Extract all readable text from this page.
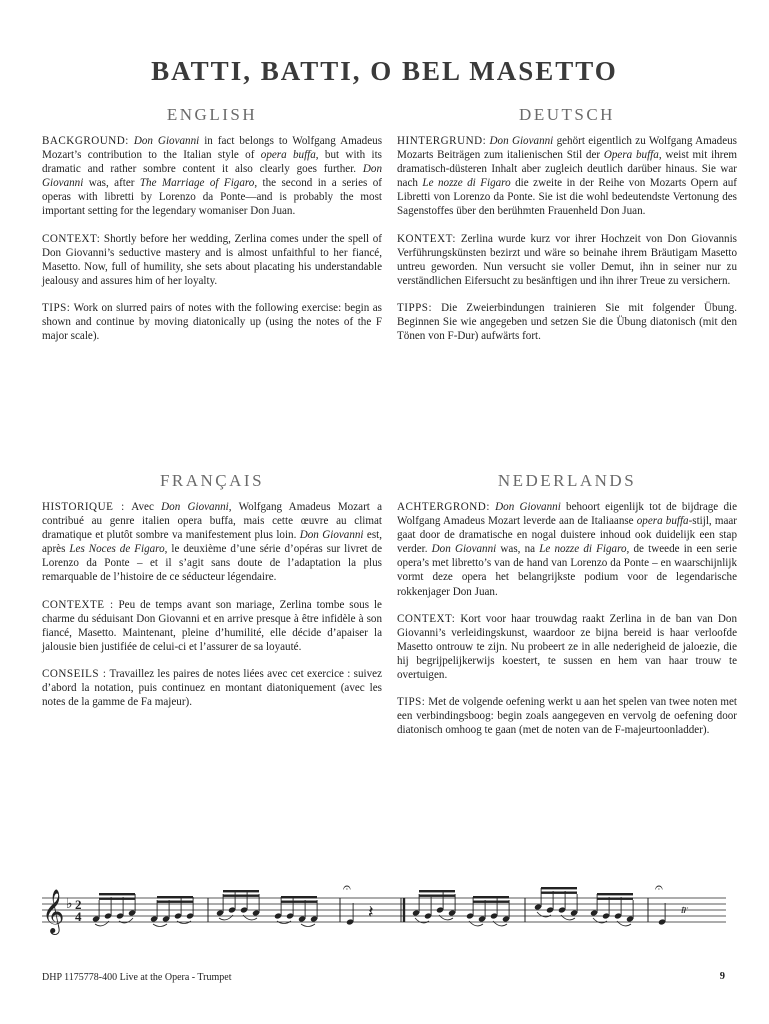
BATTI, BATTI, O BEL MASETTO
ENGLISH

BACKGROUND: Don Giovanni in fact belongs to Wolfgang Amadeus Mozart’s contribution to the Italian style of opera buffa, but with its dramatic and rather sombre content it also clearly goes further. Don Giovanni was, after The Marriage of Figaro, the second in a series of operas with libretti by Lorenzo da Ponte—and is probably the most important setting for the legendary womaniser Don Juan.

CONTEXT: Shortly before her wedding, Zerlina comes under the spell of Don Giovanni’s seductive mastery and is almost unfaithful to her fiancé, Masetto. Now, full of humility, she sets about placating his understandable jealousy and assures him of her loyalty.

TIPS: Work on slurred pairs of notes with the following exercise: begin as shown and continue by moving diatonically up (using the notes of the F major scale).

DEUTSCH

HINTERGRUND: Don Giovanni gehört eigentlich zu Wolfgang Amadeus Mozarts Beiträgen zum italienischen Stil der Opera buffa, weist mit ihrem dramatisch-düsteren Inhalt aber zugleich deutlich darüber hinaus. Sie war nach Le nozze di Figaro die zweite in der Reihe von Mozarts Opern auf Libretti von Lorenzo da Ponte. Sie ist die wohl bedeutendste Vertonung des Sagenstoffes über den berühmten Frauenheld Don Juan.

KONTEXT: Zerlina wurde kurz vor ihrer Hochzeit von Don Giovannis Verführungskünsten bezirzt und wäre so beinahe ihrem Bräutigam Masetto untreu geworden. Nun versucht sie voller Demut, ihn in seiner nur zu verständlichen Eifersucht zu besänftigen und ihn ihrer Treue zu versichern.

TIPPS: Die Zweierbindungen trainieren Sie mit folgender Übung. Beginnen Sie wie angegeben und setzen Sie die Übung diatonisch (mit den Tönen von F-Dur) aufwärts fort.

FRANÇAIS

HISTORIQUE : Avec Don Giovanni, Wolfgang Amadeus Mozart a contribué au genre italien opera buffa, mais cette œuvre au climat dramatique et plutôt sombre va manifestement plus loin. Don Giovanni est, après Les Noces de Figaro, le deuxième d’une série d’opéras sur livret de Lorenzo da Ponte – et il s’agit sans doute de l’adaptation la plus remarquable de l’histoire de ce séducteur légendaire.

CONTEXTE : Peu de temps avant son mariage, Zerlina tombe sous le charme du séduisant Don Giovanni et en arrive presque à être infidèle à son fiancé, Masetto. Maintenant, pleine d’humilité, elle décide d’apaiser la jalousie bien justifiée de celui-ci et l’assurer de sa loyauté.

CONSEILS : Travaillez les paires de notes liées avec cet exercice : suivez d’abord la notation, puis continuez en montant diatoniquement (avec les notes de la gamme de Fa majeur).

NEDERLANDS

ACHTERGROND: Don Giovanni behoort eigenlijk tot de bijdrage die Wolfgang Amadeus Mozart leverde aan de Italiaanse opera buffa-stijl, maar gaat door de dramatische en nogal duistere inhoud ook duidelijk een stap verder. Don Giovanni was, na Le nozze di Figaro, de tweede in een serie opera’s met libretto’s van de hand van Lorenzo da Ponte – en waarschijnlijk vormt deze opera het belangrijkste podium voor de legendarische rokkenjager Don Juan.

CONTEXT: Kort voor haar trouwdag raakt Zerlina in de ban van Don Giovanni’s verleidingskunst, waardoor ze bijna bereid is haar verloofde Masetto ontrouw te zijn. Nu probeert ze in alle nederigheid de jaloezie, die hij begrijpelijkerwijs koestert, te sussen en hem van haar trouw te overtuigen.

TIPS: Met de volgende oefening werkt u aan het spelen van twee noten met een verbindingsboog: begin zoals aangegeven en vervolg de oefening door diatonisch omhoog te gaan (met de noten van de F-majeurtoonladder).

𝄞 ♭ 2
4
𝄐	𝄐
𝄽	𝆖
DHP 1175778-400 Live at the Opera - Trumpet	9
